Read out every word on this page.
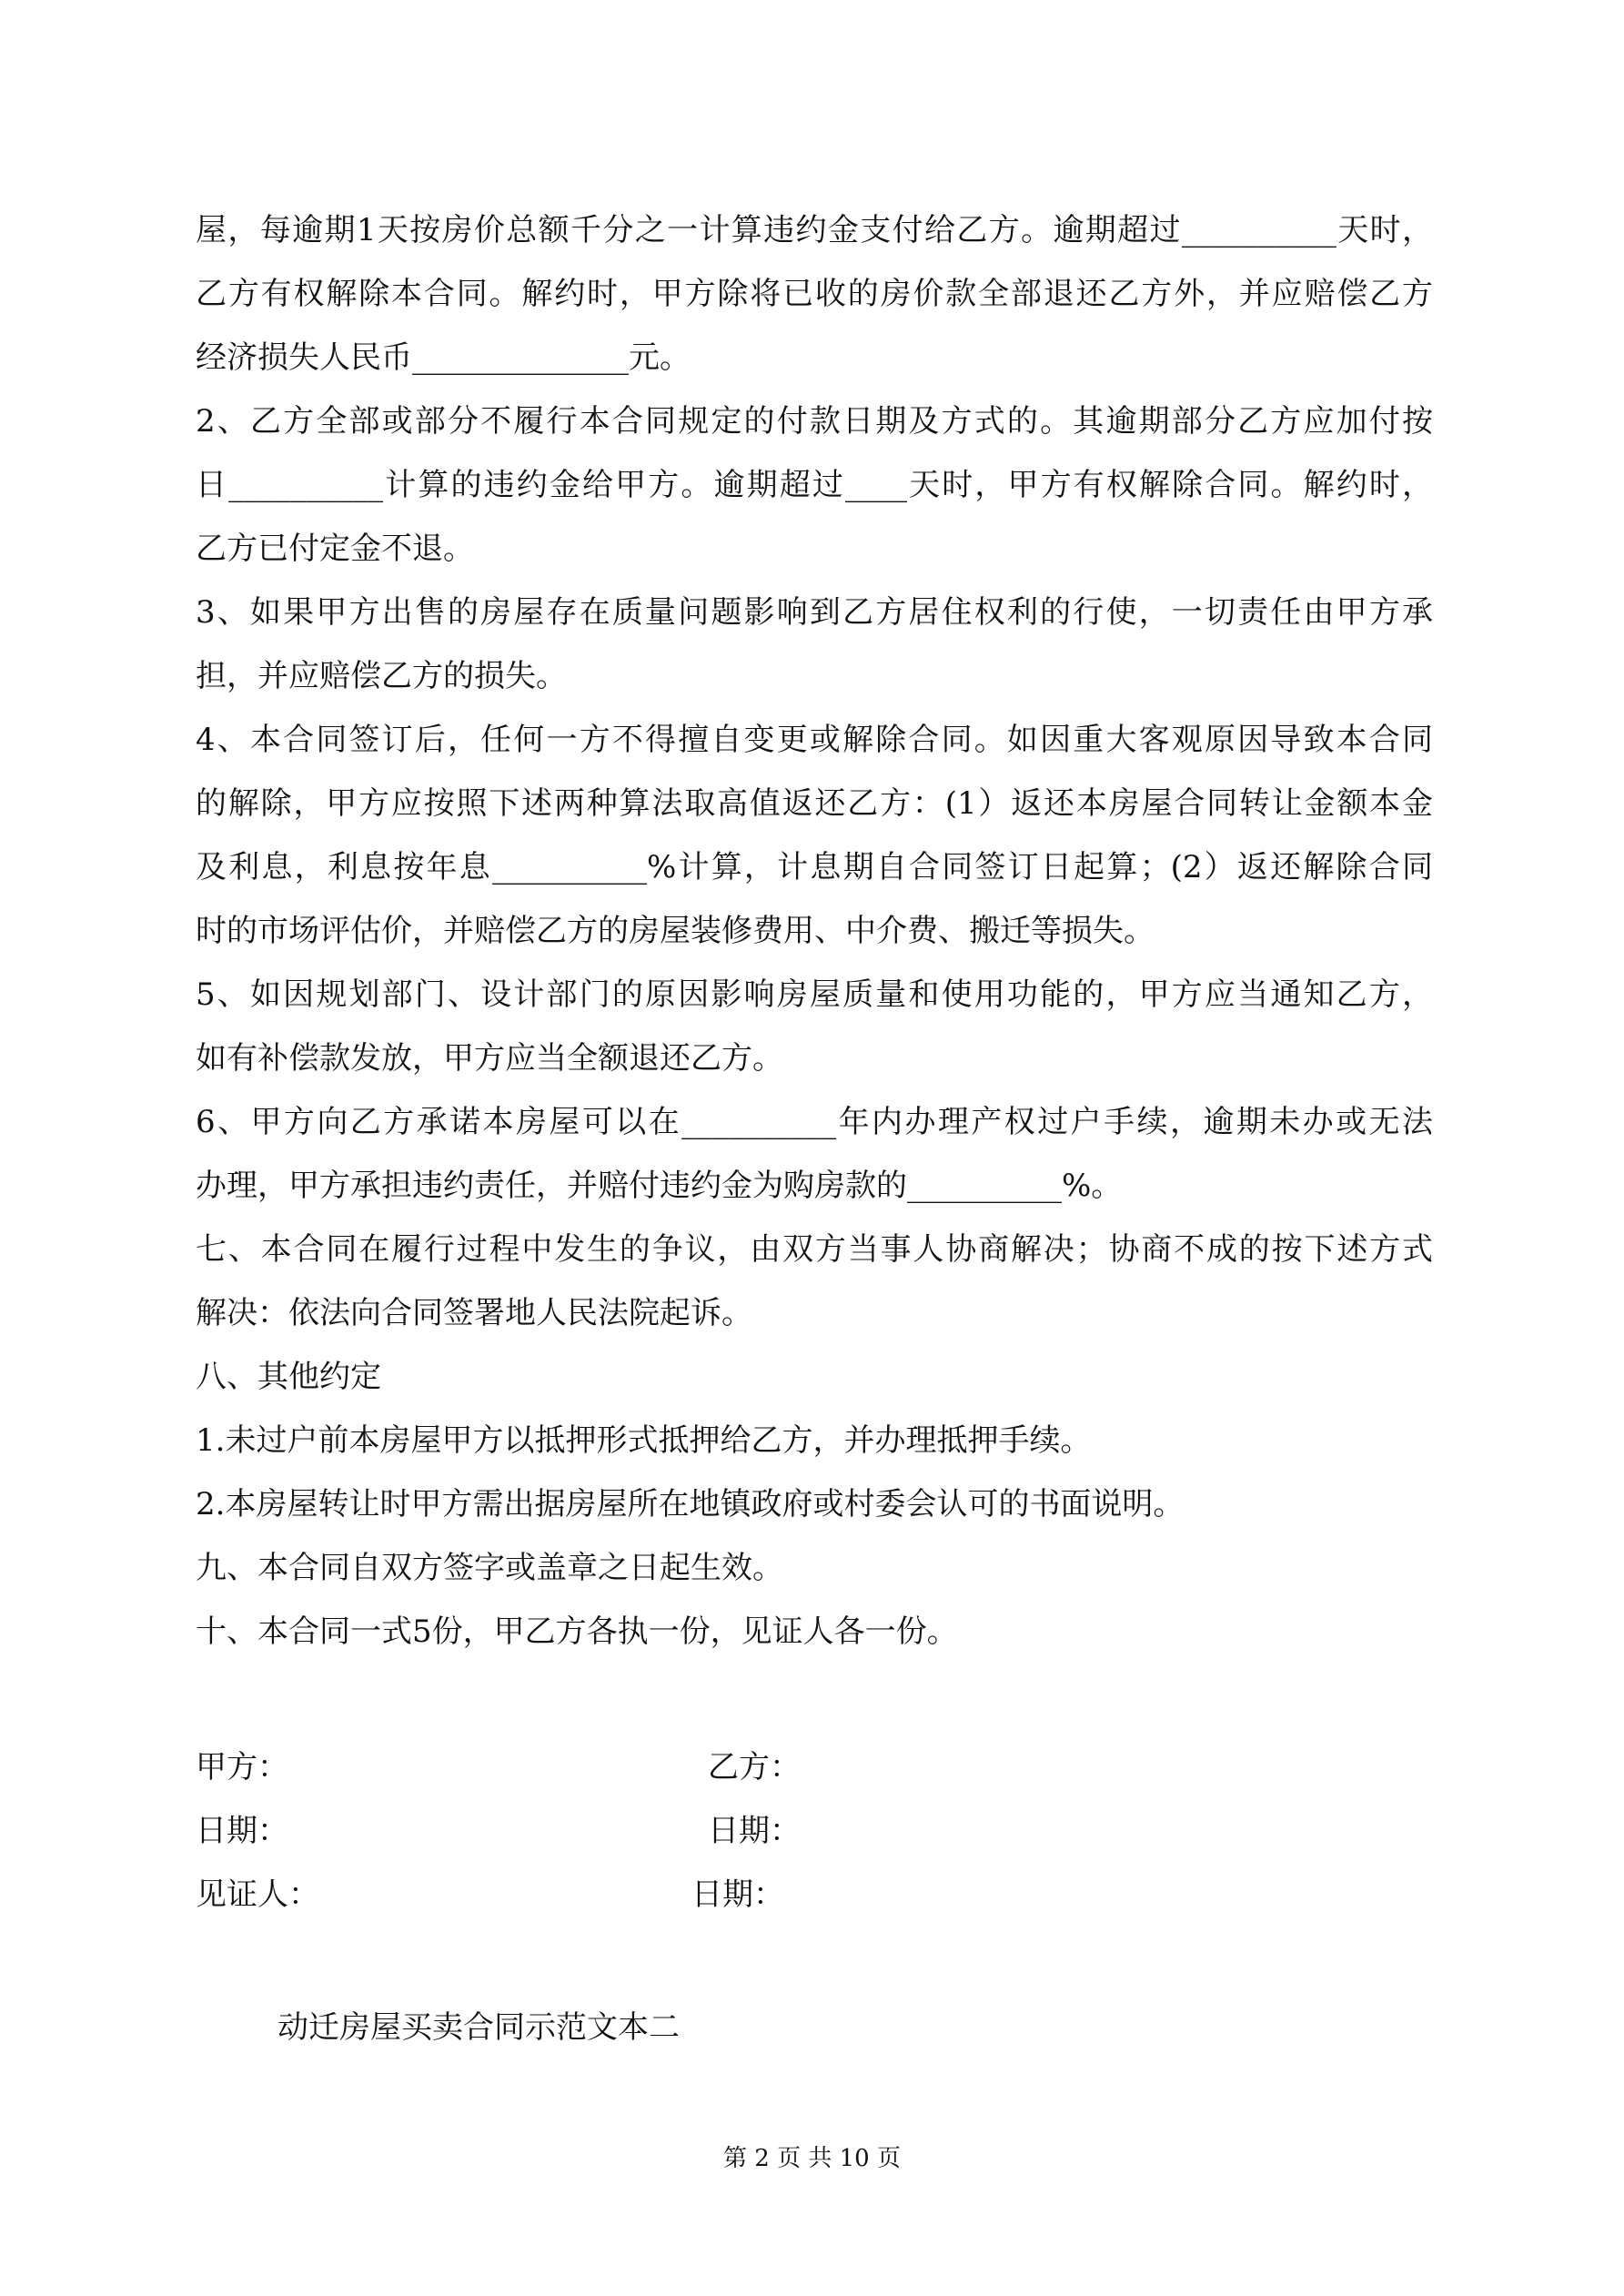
屋，每逾期1天按房价总额千分之一计算违约金支付给乙方。逾期超过__________天时，
乙方有权解除本合同。解约时，甲方除将已收的房价款全部退还乙方外，并应赔偿乙方
经济损失人民币______________元。
2、乙方全部或部分不履行本合同规定的付款日期及方式的。其逾期部分乙方应加付按
日__________计算的违约金给甲方。逾期超过____天时，甲方有权解除合同。解约时，
乙方已付定金不退。
3、如果甲方出售的房屋存在质量问题影响到乙方居住权利的行使，一切责任由甲方承
担，并应赔偿乙方的损失。
4、本合同签订后，任何一方不得擅自变更或解除合同。如因重大客观原因导致本合同
的解除，甲方应按照下述两种算法取高值返还乙方：(1）返还本房屋合同转让金额本金
及利息，利息按年息__________%计算，计息期自合同签订日起算；(2）返还解除合同
时的市场评估价，并赔偿乙方的房屋装修费用、中介费、搬迁等损失。
5、如因规划部门、设计部门的原因影响房屋质量和使用功能的，甲方应当通知乙方，
如有补偿款发放，甲方应当全额退还乙方。
6、甲方向乙方承诺本房屋可以在__________年内办理产权过户手续，逾期未办或无法
办理，甲方承担违约责任，并赔付违约金为购房款的__________%。
七、本合同在履行过程中发生的争议，由双方当事人协商解决；协商不成的按下述方式
解决：依法向合同签署地人民法院起诉。
八、其他约定
1.未过户前本房屋甲方以抵押形式抵押给乙方，并办理抵押手续。
2.本房屋转让时甲方需出据房屋所在地镇政府或村委会认可的书面说明。
九、本合同自双方签字或盖章之日起生效。
十、本合同一式5份，甲乙方各执一份，见证人各一份。
甲方：	乙方：
日期：	日期：
见证人：	日期：
动迁房屋买卖合同示范文本二
第 2 页 共 10 页
